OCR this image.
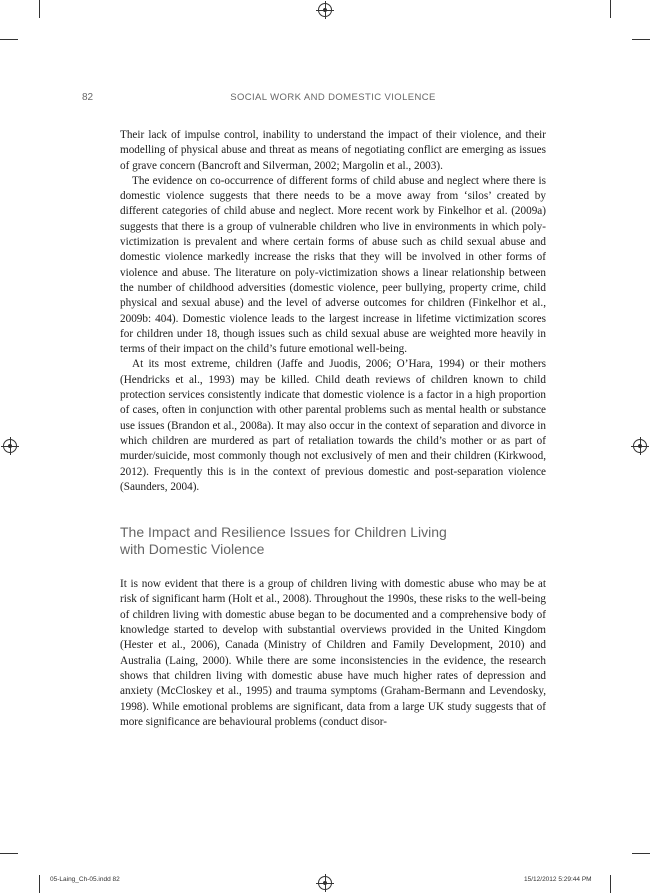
82	SOCIAL WORK AND DOMESTIC VIOLENCE

Their lack of impulse control, inability to understand the impact of their violence, and their modelling of physical abuse and threat as means of negotiating conflict are emerging as issues of grave concern (Bancroft and Silverman, 2002; Margolin et al., 2003).

The evidence on co-occurrence of different forms of child abuse and neglect where there is domestic violence suggests that there needs to be a move away from ‘silos’ created by different categories of child abuse and neglect. More recent work by Finkelhor et al. (2009a) suggests that there is a group of vulnerable children who live in environments in which poly-victimization is prevalent and where certain forms of abuse such as child sexual abuse and domestic violence markedly increase the risks that they will be involved in other forms of violence and abuse. The literature on poly-victimization shows a linear relationship between the number of childhood adversities (domestic violence, peer bullying, property crime, child physical and sexual abuse) and the level of adverse outcomes for children (Finkelhor et al., 2009b: 404). Domestic violence leads to the largest increase in lifetime victimization scores for children under 18, though issues such as child sexual abuse are weighted more heavily in terms of their impact on the child’s future emotional well-being.

At its most extreme, children (Jaffe and Juodis, 2006; O’Hara, 1994) or their mothers (Hendricks et al., 1993) may be killed. Child death reviews of children known to child protection services consistently indicate that domestic violence is a factor in a high proportion of cases, often in conjunction with other parental problems such as mental health or substance use issues (Brandon et al., 2008a). It may also occur in the context of separation and divorce in which children are murdered as part of retaliation towards the child’s mother or as part of murder/suicide, most commonly though not exclusively of men and their children (Kirkwood, 2012). Frequently this is in the context of previous domestic and post-separation violence (Saunders, 2004).

The Impact and Resilience Issues for Children Living
with Domestic Violence

It is now evident that there is a group of children living with domestic abuse who may be at risk of significant harm (Holt et al., 2008). Throughout the 1990s, these risks to the well-being of children living with domestic abuse began to be documented and a comprehensive body of knowledge started to develop with substantial overviews provided in the United Kingdom (Hester et al., 2006), Canada (Ministry of Children and Family Development, 2010) and Australia (Laing, 2000). While there are some inconsistencies in the evidence, the research shows that children living with domestic abuse have much higher rates of depression and anxiety (McCloskey et al., 1995) and trauma symptoms (Graham-Bermann and Levendosky, 1998). While emotional problems are significant, data from a large UK study suggests that of more significance are behavioural problems (conduct disor-

05-Laing_Ch-05.indd 82	15/12/2012 5:29:44 PM
